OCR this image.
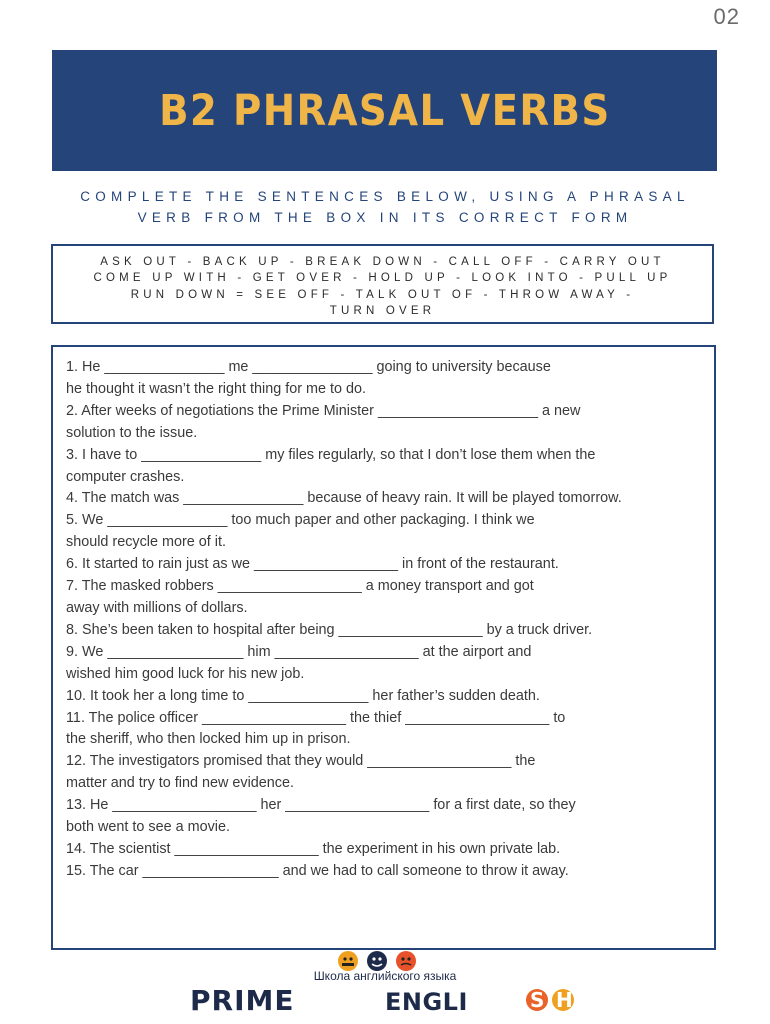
02
B2 PHRASAL VERBS
COMPLETE THE SENTENCES BELOW, USING A PHRASAL
VERB FROM THE BOX IN ITS CORRECT FORM
ASK OUT - BACK UP - BREAK DOWN - CALL OFF - CARRY OUT
COME UP WITH - GET OVER - HOLD UP - LOOK INTO - PULL UP
RUN DOWN = SEE OFF - TALK OUT OF - THROW AWAY -
TURN OVER
1. He _______________ me _______________ going to university because
he thought it wasn’t the right thing for me to do.
2. After weeks of negotiations the Prime Minister ____________________ a new
solution to the issue.
3. I have to _______________ my files regularly, so that I don’t lose them when the
computer crashes.
4. The match was _______________ because of heavy rain. It will be played tomorrow.
5. We _______________ too much paper and other packaging. I think we
should recycle more of it.
6. It started to rain just as we __________________ in front of the restaurant.
7. The masked robbers __________________ a money transport and got
away with millions of dollars.
8. She’s been taken to hospital after being __________________ by a truck driver.
9. We _________________ him __________________ at the airport and
wished him good luck for his new job.
10. It took her a long time to _______________ her father’s sudden death.
11. The police officer __________________ the thief __________________ to
the sheriff, who then locked him up in prison.
12. The investigators promised that they would __________________ the
matter and try to find new evidence.
13. He __________________ her __________________ for a first date, so they
both went to see a movie.
14. The scientist __________________ the experiment in his own private lab.
15. The car _________________ and we had to call someone to throw it away.
Школа английского языка
PRIME	ENGLI	S H
